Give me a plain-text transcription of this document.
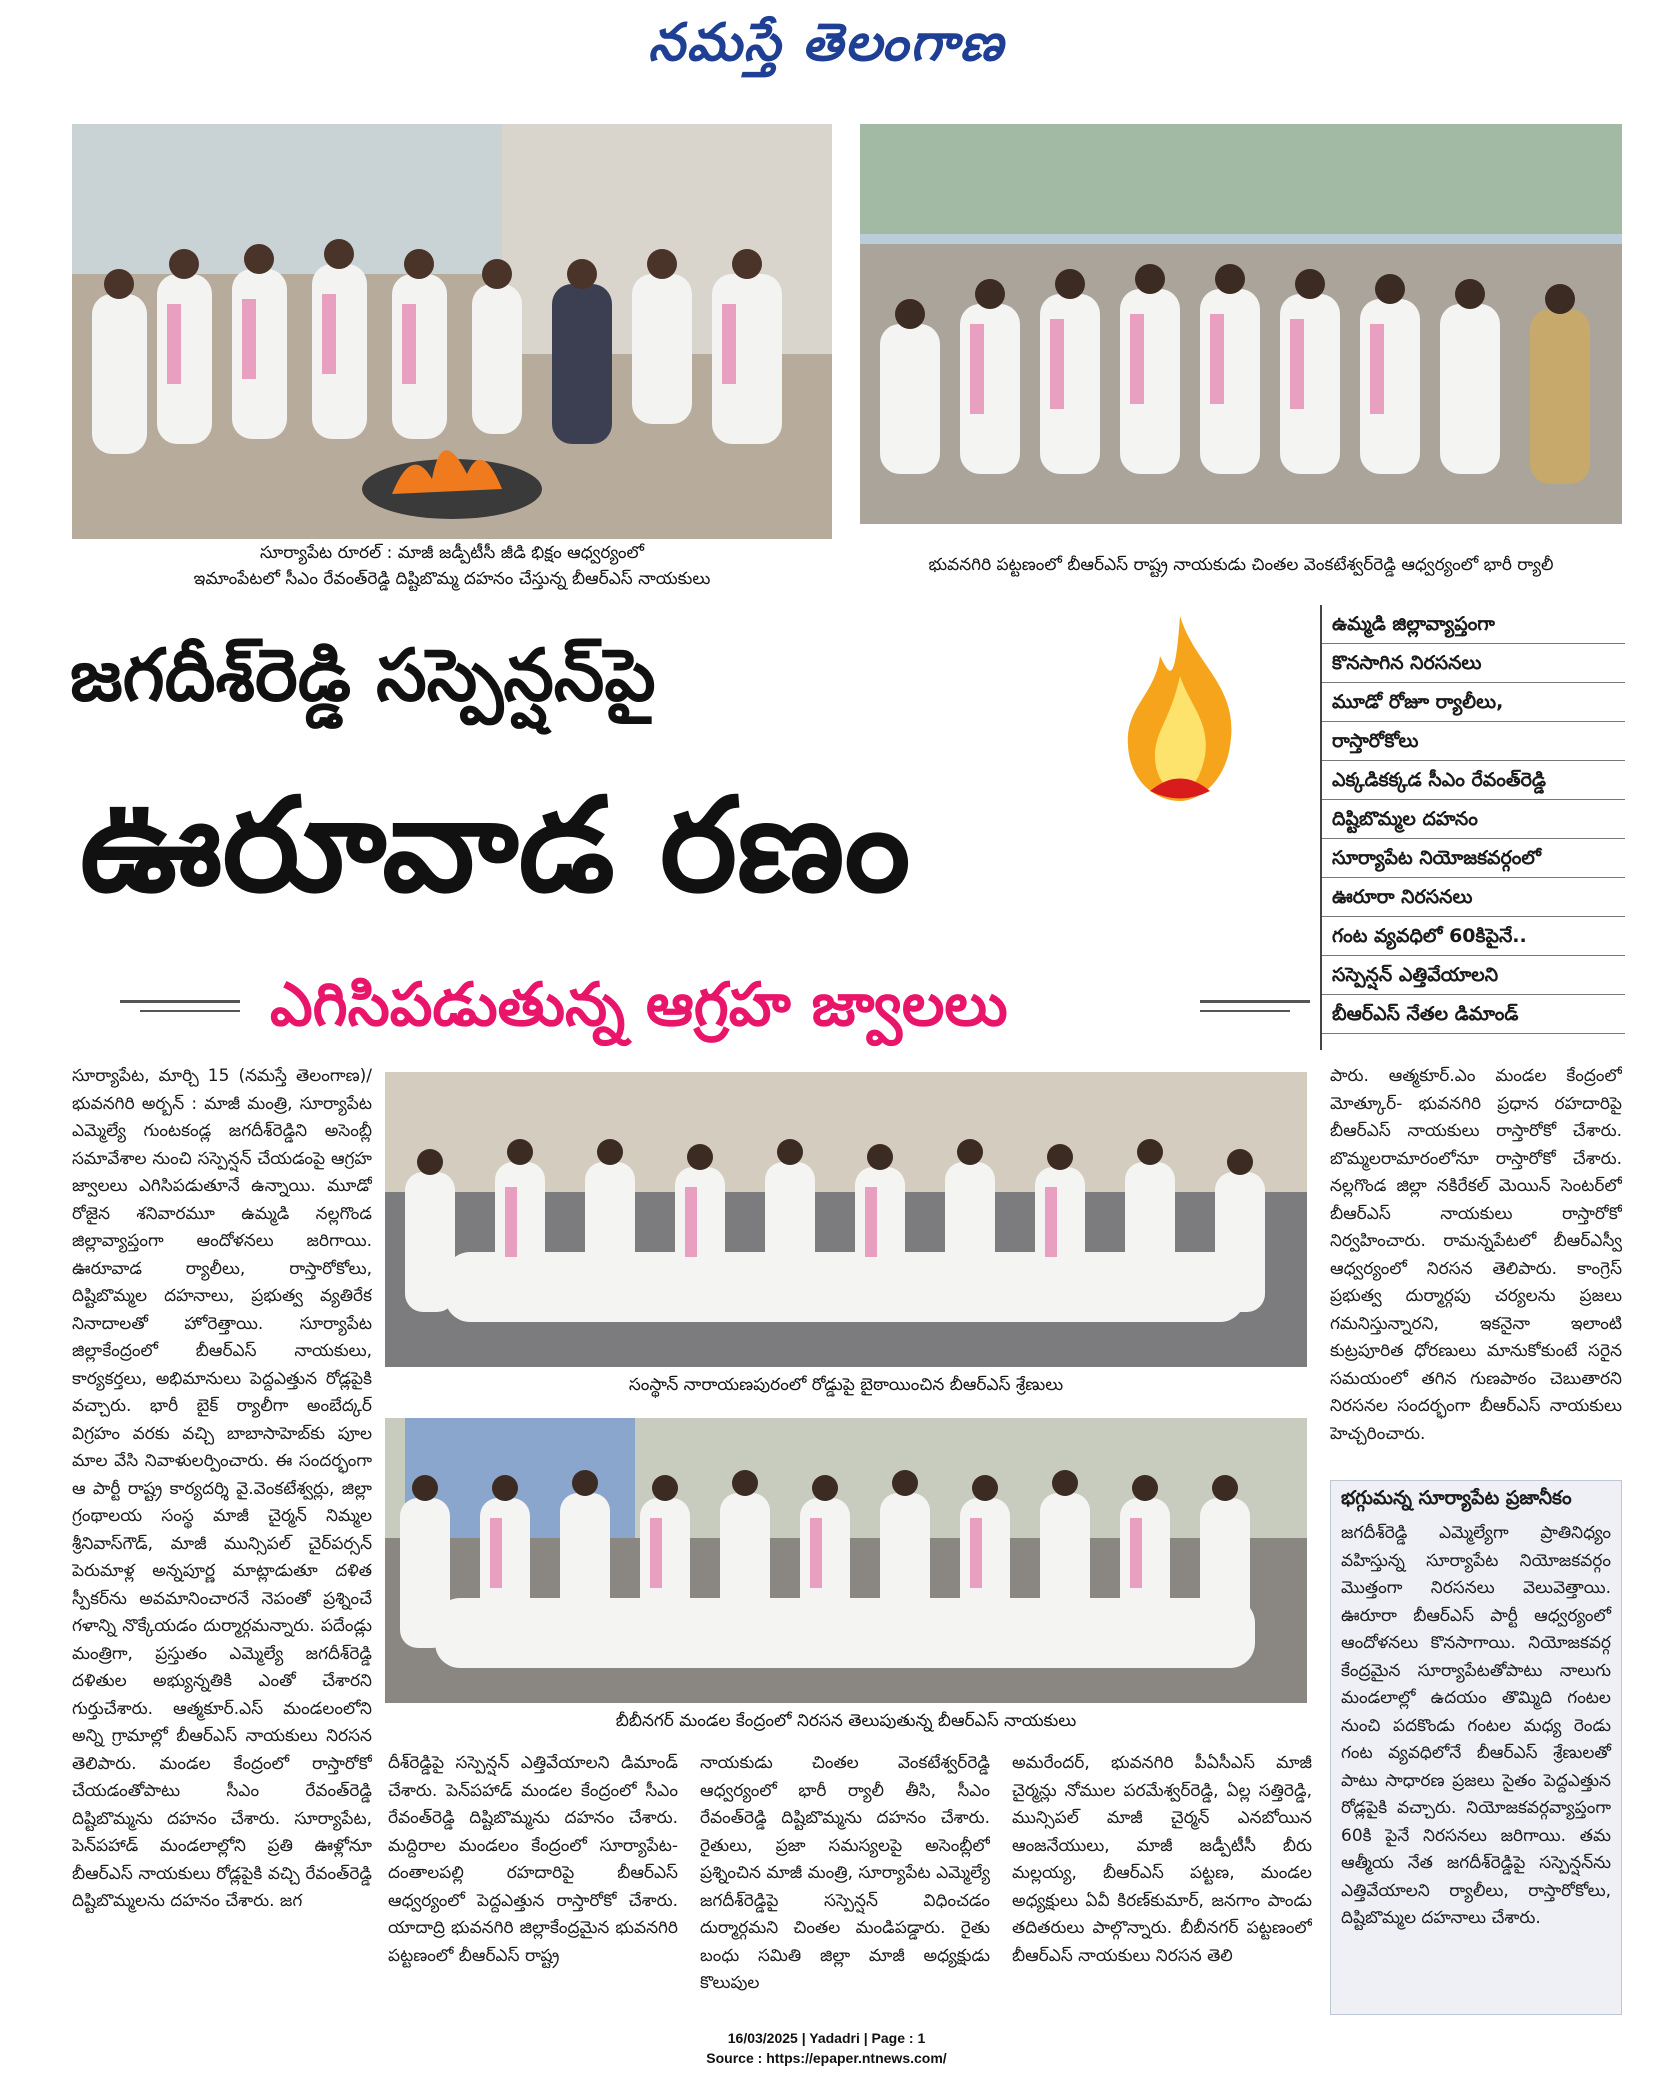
నమస్తే తెలంగాణ
సూర్యాపేట రూరల్ : మాజీ జడ్పీటీసీ జీడి భిక్షం ఆధ్వర్యంలో
ఇమాంపేటలో సీఎం రేవంత్‌రెడ్డి దిష్టిబొమ్మ దహనం చేస్తున్న బీఆర్‌ఎస్ నాయకులు
భువనగిరి పట్టణంలో బీఆర్‌ఎస్ రాష్ట్ర నాయకుడు చింతల వెంకటేశ్వర్‌రెడ్డి ఆధ్వర్యంలో భారీ ర్యాలీ
జగదీశ్‌రెడ్డి సస్పెన్షన్‌పై
ఊరూవాడ రణం
ఎగిసిపడుతున్న ఆగ్రహ జ్వాలలు
ఉమ్మడి జిల్లావ్యాప్తంగా
కొనసాగిన నిరసనలు
మూడో రోజూ ర్యాలీలు,
రాస్తారోకోలు
ఎక్కడికక్కడ సీఎం రేవంత్‌రెడ్డి
దిష్టిబొమ్మల దహనం
సూర్యాపేట నియోజకవర్గంలో
ఊరూరా నిరసనలు
గంట వ్యవధిలో 60కిపైనే..
సస్పెన్షన్ ఎత్తివేయాలని
బీఆర్‌ఎస్ నేతల డిమాండ్
సూర్యాపేట, మార్చి 15 (నమస్తే తెలంగాణ)/భువనగిరి అర్బన్ : మాజీ మంత్రి, సూర్యాపేట ఎమ్మెల్యే గుంటకండ్ల జగదీశ్‌రెడ్డిని అసెంబ్లీ సమావేశాల నుంచి సస్పెన్షన్ చేయడంపై ఆగ్రహ జ్వాలలు ఎగిసిపడుతూనే ఉన్నాయి. మూడో రోజైన శనివారమూ ఉమ్మడి నల్లగొండ జిల్లావ్యాప్తంగా ఆందోళనలు జరిగాయి. ఊరూవాడ ర్యాలీలు, రాస్తారోకోలు, దిష్టిబొమ్మల దహనాలు, ప్రభుత్వ వ్యతిరేక నినాదాలతో హోరెత్తాయి. సూర్యాపేట జిల్లాకేంద్రంలో బీఆర్‌ఎస్ నాయకులు, కార్యకర్తలు, అభిమానులు పెద్దఎత్తున రోడ్లపైకి వచ్చారు. భారీ బైక్ ర్యాలీగా అంబేద్కర్ విగ్రహం వరకు వచ్చి బాబాసాహెబ్‌కు పూల మాల వేసి నివాళులర్పించారు. ఈ సందర్భంగా ఆ పార్టీ రాష్ట్ర కార్యదర్శి వై.వెంకటేశ్వర్లు, జిల్లా గ్రంథాలయ సంస్థ మాజీ చైర్మన్ నిమ్మల శ్రీనివాస్‌గౌడ్, మాజీ మున్సిపల్ చైర్‌పర్సన్ పెరుమాళ్ల అన్నపూర్ణ మాట్లాడుతూ దళిత స్పీకర్‌ను అవమానించారనే నెపంతో ప్రశ్నించే గళాన్ని నొక్కేయడం దుర్మార్గమన్నారు. పదేండ్లు మంత్రిగా, ప్రస్తుతం ఎమ్మెల్యే జగదీశ్‌రెడ్డి దళితుల అభ్యున్నతికి ఎంతో చేశారని గుర్తుచేశారు. ఆత్మకూర్.ఎస్ మండలంలోని అన్ని గ్రామాల్లో బీఆర్‌ఎస్ నాయకులు నిరసన తెలిపారు. మండల కేంద్రంలో రాస్తారోకో చేయడంతోపాటు సీఎం రేవంత్‌రెడ్డి దిష్టిబొమ్మను దహనం చేశారు. సూర్యాపేట, పెన్‌పహాడ్ మండలాల్లోని ప్రతి ఊళ్లోనూ బీఆర్‌ఎస్ నాయకులు రోడ్లపైకి వచ్చి రేవంత్‌రెడ్డి దిష్టిబొమ్మలను దహనం చేశారు. జగ
సంస్థాన్ నారాయణపురంలో రోడ్డుపై బైఠాయించిన బీఆర్‌ఎస్ శ్రేణులు
బీబీనగర్ మండల కేంద్రంలో నిరసన తెలుపుతున్న బీఆర్‌ఎస్ నాయకులు
దీశ్‌రెడ్డిపై సస్పెన్షన్ ఎత్తివేయాలని డిమాండ్ చేశారు. పెన్‌పహాడ్ మండల కేంద్రంలో సీఎం రేవంత్‌రెడ్డి దిష్టిబొమ్మను దహనం చేశారు. మద్దిరాల మండలం కేంద్రంలో సూర్యాపేట-దంతాలపల్లి రహదారిపై బీఆర్‌ఎస్ ఆధ్వర్యంలో పెద్దఎత్తున రాస్తారోకో చేశారు. యాదాద్రి భువనగిరి జిల్లాకేంద్రమైన భువనగిరి పట్టణంలో బీఆర్‌ఎస్ రాష్ట్ర
నాయకుడు చింతల వెంకటేశ్వర్‌రెడ్డి ఆధ్వర్యంలో భారీ ర్యాలీ తీసి, సీఎం రేవంత్‌రెడ్డి దిష్టిబొమ్మను దహనం చేశారు. రైతులు, ప్రజా సమస్యలపై అసెంబ్లీలో ప్రశ్నించిన మాజీ మంత్రి, సూర్యాపేట ఎమ్మెల్యే జగదీశ్‌రెడ్డిపై సస్పెన్షన్ విధించడం దుర్మార్గమని చింతల మండిపడ్డారు. రైతు బంధు సమితి జిల్లా మాజీ అధ్యక్షుడు కొలుపుల
అమరేందర్, భువనగిరి పీఏసీఎస్ మాజీ చైర్మన్లు నోముల పరమేశ్వర్‌రెడ్డి, ఏల్ల సత్తిరెడ్డి, మున్సిపల్ మాజీ చైర్మన్ ఎనబోయిన ఆంజనేయులు, మాజీ జడ్పీటీసీ బీరు మల్లయ్య, బీఆర్‌ఎస్ పట్టణ, మండల అధ్యక్షులు ఏవీ కిరణ్‌కుమార్, జనగాం పాండు తదితరులు పాల్గొన్నారు. బీబీనగర్ పట్టణంలో బీఆర్‌ఎస్ నాయకులు నిరసన తెలి
పారు. ఆత్మకూర్.ఎం మండల కేంద్రంలో మోత్కూర్- భువనగిరి ప్రధాన రహదారిపై బీఆర్‌ఎస్ నాయకులు రాస్తారోకో చేశారు. బొమ్మలరామారంలోనూ రాస్తారోకో చేశారు. నల్లగొండ జిల్లా నకిరేకల్ మెయిన్ సెంటర్‌లో బీఆర్‌ఎస్ నాయకులు రాస్తారోకో నిర్వహించారు. రామన్నపేటలో బీఆర్‌ఎస్వీ ఆధ్వర్యంలో నిరసన తెలిపారు. కాంగ్రెస్ ప్రభుత్వ దుర్మార్గపు చర్యలను ప్రజలు గమనిస్తున్నారని, ఇకనైనా ఇలాంటి కుట్రపూరిత ధోరణులు మానుకోకుంటే సరైన సమయంలో తగిన గుణపాఠం చెబుతారని నిరసనల సందర్భంగా బీఆర్‌ఎస్ నాయకులు హెచ్చరించారు.
భగ్గుమన్న సూర్యాపేట ప్రజానీకం
జగదీశ్‌రెడ్డి ఎమ్మెల్యేగా ప్రాతినిధ్యం వహిస్తున్న సూర్యాపేట నియోజకవర్గం మొత్తంగా నిరసనలు వెలువెత్తాయి. ఊరూరా బీఆర్‌ఎస్ పార్టీ ఆధ్వర్యంలో ఆందోళనలు కొనసాగాయి. నియోజకవర్గ కేంద్రమైన సూర్యాపేటతోపాటు నాలుగు మండలాల్లో ఉదయం తొమ్మిది గంటల నుంచి పదకొండు గంటల మధ్య రెండు గంట వ్యవధిలోనే బీఆర్‌ఎస్ శ్రేణులతో పాటు సాధారణ ప్రజలు సైతం పెద్దఎత్తున రోడ్లపైకి వచ్చారు. నియోజకవర్గవ్యాప్తంగా 60కి పైనే నిరసనలు జరిగాయి. తమ ఆత్మీయ నేత జగదీశ్‌రెడ్డిపై సస్పెన్షన్‌ను ఎత్తివేయాలని ర్యాలీలు, రాస్తారోకోలు, దిష్టిబొమ్మల దహనాలు చేశారు.
16/03/2025 | Yadadri | Page : 1
Source : https://epaper.ntnews.com/
